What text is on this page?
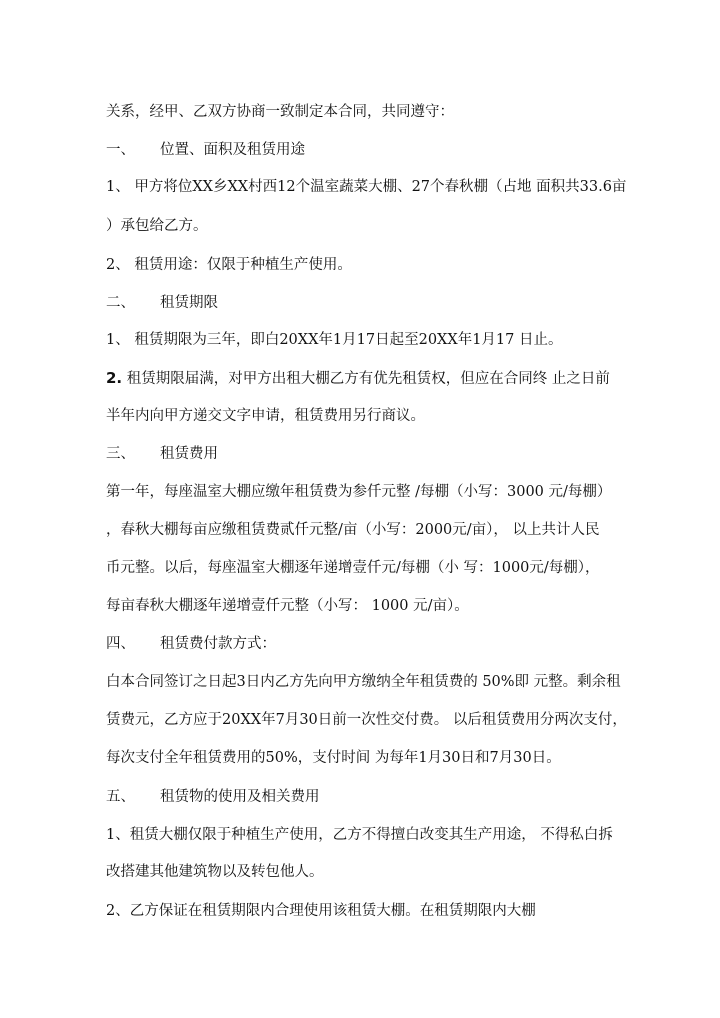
关系，经甲、乙双方协商一致制定本合同，共同遵守：
一、 位置、面积及租赁用途
1、 甲方将位XX乡XX村西12个温室蔬菜大棚、27个春秋棚（占地 面积共33.6亩
）承包给乙方。
2、 租赁用途：仅限于种植生产使用。
二、 租赁期限
1、 租赁期限为三年，即白20XX年1月17日起至20XX年1月17 日止。
2. 租赁期限届满，对甲方出租大棚乙方有优先租赁权，但应在合同终 止之日前
半年内向甲方递交文字申请，租赁费用另行商议。
三、 租赁费用
第一年，每座温室大棚应缴年租赁费为参仟元整 /每棚（小写：3000 元/每棚）
，春秋大棚每亩应缴租赁费贰仟元整/亩（小写：2000元/亩）， 以上共计人民
币元整。以后，每座温室大棚逐年递增壹仟元/每棚（小 写：1000元/每棚），
每亩春秋大棚逐年递增壹仟元整（小写： 1000 元/亩）。
四、 租赁费付款方式：
白本合同签订之日起3日内乙方先向甲方缴纳全年租赁费的 50%即 元整。剩余租
赁费元，乙方应于20XX年7月30日前一次性交付费。 以后租赁费用分两次支付，
每次支付全年租赁费用的50%，支付时间 为每年1月30日和7月30日。
五、 租赁物的使用及相关费用
1、租赁大棚仅限于种植生产使用，乙方不得擅白改变其生产用途， 不得私白拆
改搭建其他建筑物以及转包他人。
2、乙方保证在租赁期限内合理使用该租赁大棚。在租赁期限内大棚
